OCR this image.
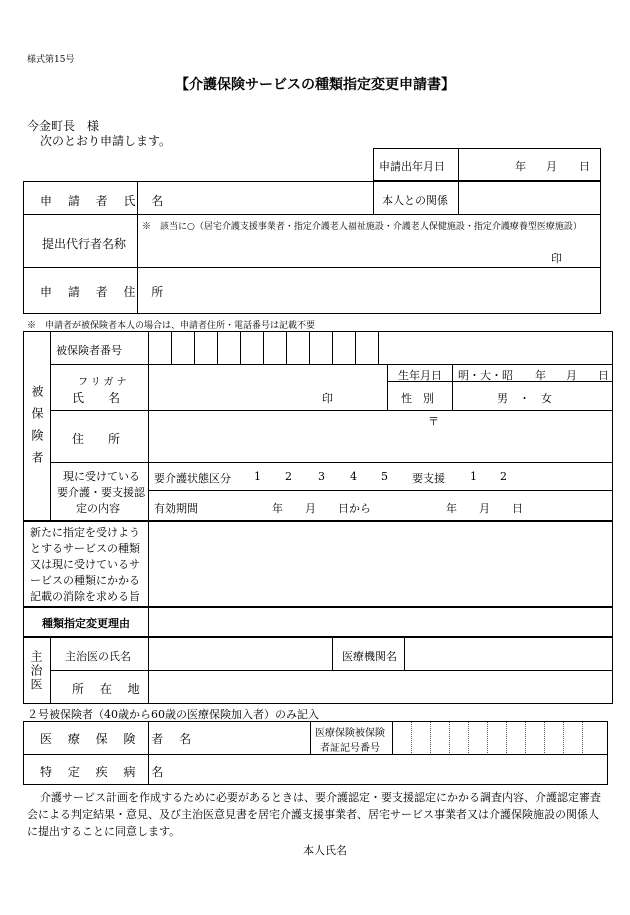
様式第15号
【介護保険サービスの種類指定変更申請書】
今金町長　様
次のとおり申請します。
申請出年月日	年 月 日
申 請 者 氏 名	本人との関係
提出代行者名称
※　該当に○（居宅介護支援事業者・指定介護老人福祉施設・介護老人保健施設・指定介護療養型医療施設）
印
申 請 者 住 所
※　申請者が被保険者本人の場合は、申請者住所・電話番号は記載不要
被保険者
被保険者番号
フリガナ
氏　　名	印
生年月日 明・大・昭 年 月 日
性　別	男　・　女
住　　所
〒
現に受けている
要介護・要支援認
定の内容
要介護状態区分 1 2 3 4 5 要支援 1 2
有効期間	年　　月　　日から	年　　月　　日
新たに指定を受けよう
とするサービスの種類
又は現に受けているサ
ービスの種類にかかる
記載の消除を求める旨
種類指定変更理由
主治医 主治医の氏名	医療機関名
所 在 地
２号被保険者（40歳から60歳の医療保険加入者）のみ記入
医 療 保 険 者 名	医療保険被保険
者証記号番号
特 定 疾 病 名
介護サービス計画を作成するために必要があるときは、要介護認定・要支援認定にかかる調査内容、介護認定審査
会による判定結果・意見、及び主治医意見書を居宅介護支援事業者、居宅サービス事業者又は介護保険施設の関係人
に提出することに同意します。
本人氏名
